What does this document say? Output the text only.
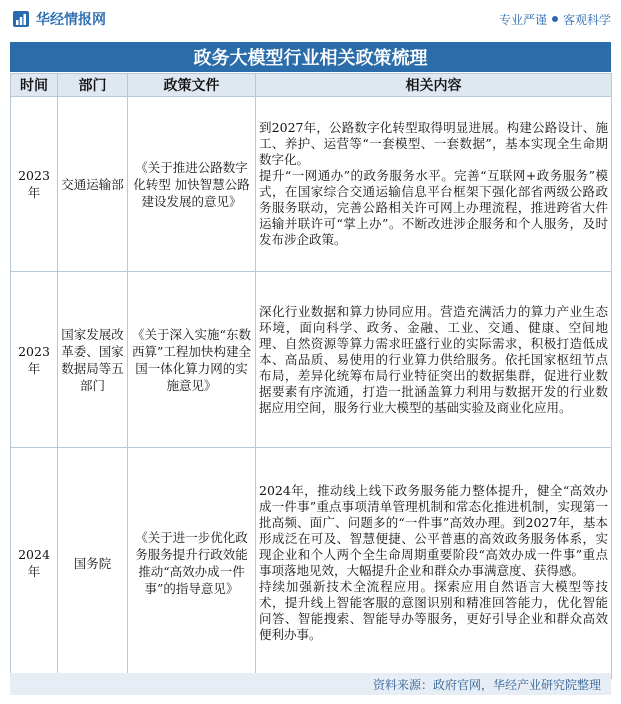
华经情报网	专业严谨 客观科学
政务大模型行业相关政策梳理
时间	部门	政策文件	相关内容
2023年	交通运输部	《关于推进公路数字化转型 加快智慧公路建设发展的意见》	到2027年，公路数字化转型取得明显进展。构建公路设计、施工、养护、运营等“一套模型、一套数据”，基本实现全生命期数字化。

提升“一网通办”的政务服务水平。完善“互联网+政务服务”模式，在国家综合交通运输信息平台框架下强化部省两级公路政务服务联动，完善公路相关许可网上办理流程，推进跨省大件运输并联许可“掌上办”。不断改进涉企服务和个人服务，及时发布涉企政策。

2023年	国家发展改革委、国家数据局等五部门	《关于深入实施“东数西算”工程加快构建全国一体化算力网的实施意见》	深化行业数据和算力协同应用。营造充满活力的算力产业生态环境，面向科学、政务、金融、工业、交通、健康、空间地理、自然资源等算力需求旺盛行业的实际需求，积极打造低成本、高品质、易使用的行业算力供给服务。依托国家枢纽节点布局，差异化统筹布局行业特征突出的数据集群，促进行业数据要素有序流通，打造一批涵盖算力利用与数据开发的行业数据应用空间，服务行业大模型的基础实验及商业化应用。

2024年	国务院	《关于进一步优化政务服务提升行政效能推动“高效办成一件事”的指导意见》	2024年，推动线上线下政务服务能力整体提升，健全“高效办成一件事”重点事项清单管理机制和常态化推进机制，实现第一批高频、面广、问题多的“一件事”高效办理。到2027年，基本形成泛在可及、智慧便捷、公平普惠的高效政务服务体系，实现企业和个人两个全生命周期重要阶段“高效办成一件事”重点事项落地见效，大幅提升企业和群众办事满意度、获得感。

持续加强新技术全流程应用。探索应用自然语言大模型等技术，提升线上智能客服的意图识别和精准回答能力，优化智能问答、智能搜索、智能导办等服务，更好引导企业和群众高效便利办事。

资料来源：政府官网，华经产业研究院整理
